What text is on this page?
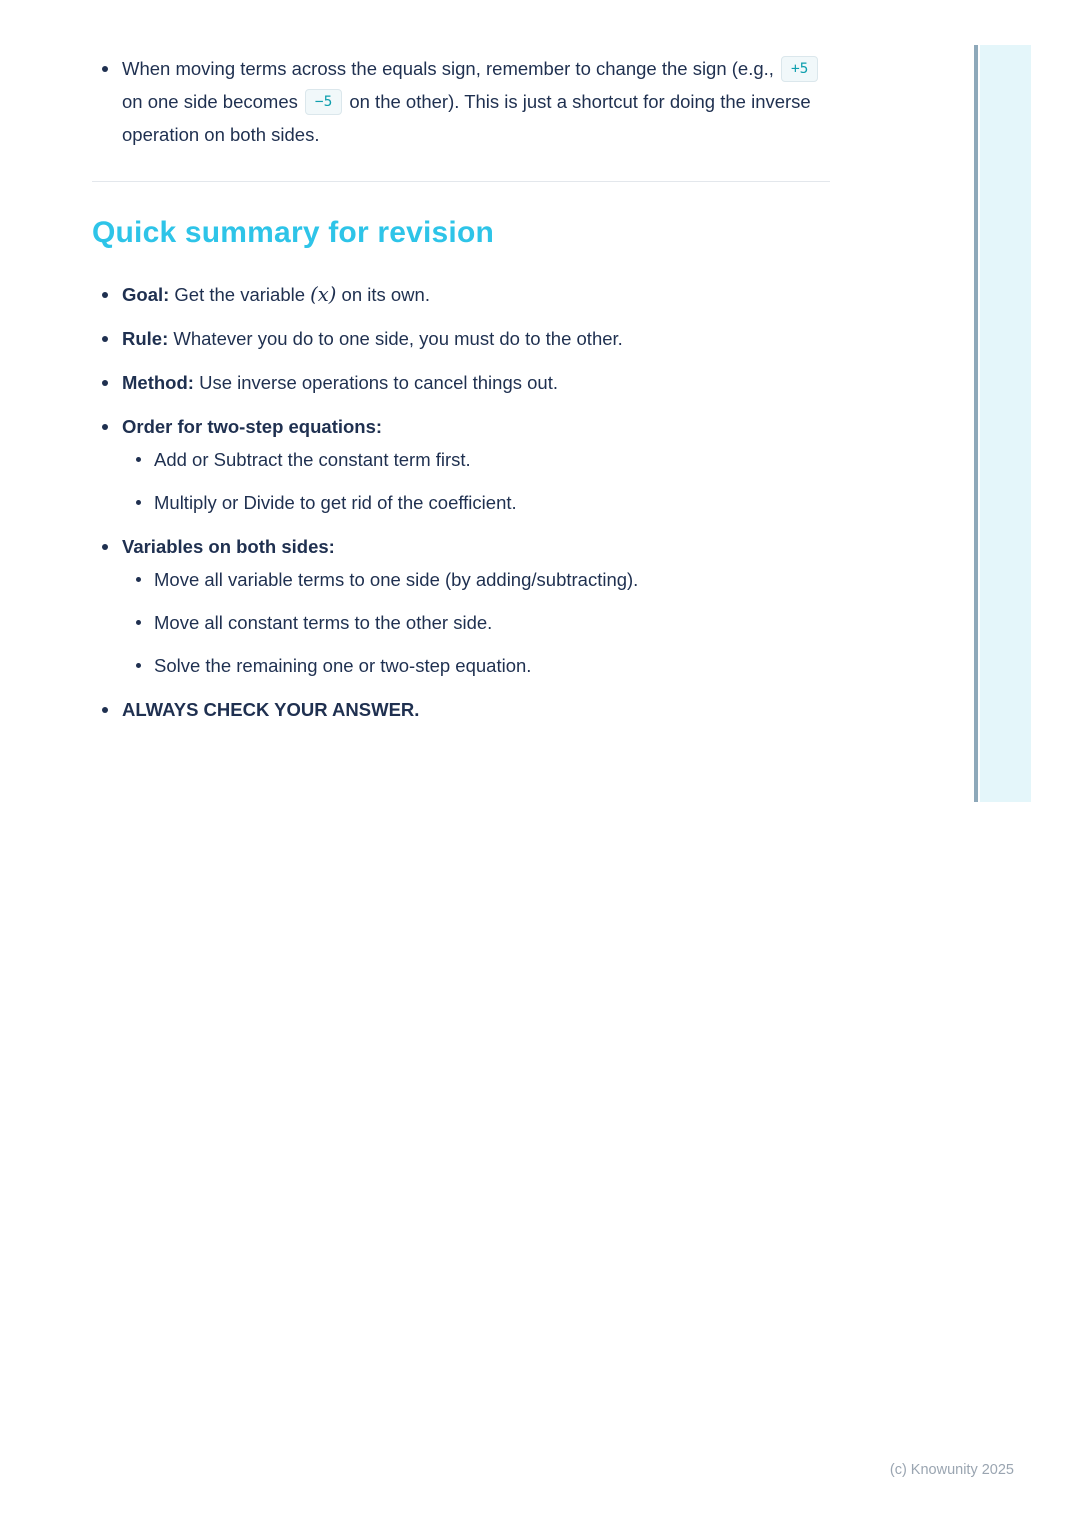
When moving terms across the equals sign, remember to change the sign (e.g., +5on one side becomes −5 on the other). This is just a shortcut for doing the inverse operation on both sides.
Quick summary for revision
Goal: Get the variable (x) on its own.
Rule: Whatever you do to one side, you must do to the other.
Method: Use inverse operations to cancel things out.
Order for two-step equations:
Add or Subtract the constant term first.
Multiply or Divide to get rid of the coefficient.
Variables on both sides:
Move all variable terms to one side (by adding/subtracting).
Move all constant terms to the other side.
Solve the remaining one or two-step equation.
ALWAYS CHECK YOUR ANSWER.
(c) Knowunity 2025
